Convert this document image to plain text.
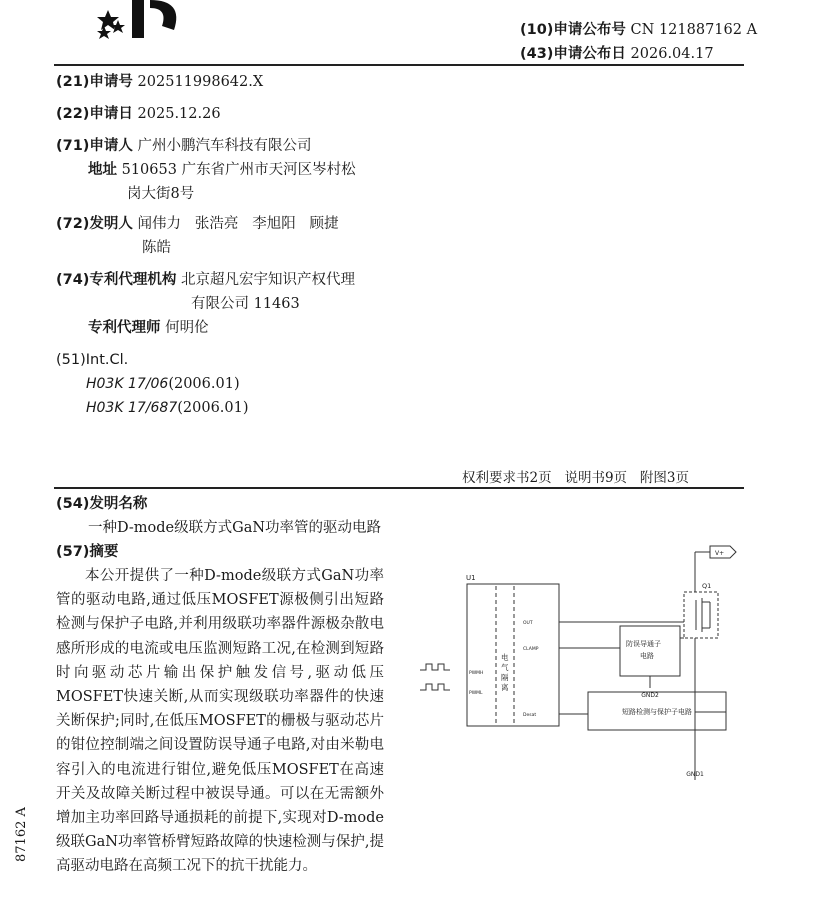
(10)申请公布号 CN 121887162 A
(43)申请公布日 2026.04.17
(21)申请号 202511998642.X
(22)申请日 2025.12.26
(71)申请人 广州小鹏汽车科技有限公司
地址 510653 广东省广州市天河区岑村松
岗大街8号
(72)发明人 闻伟力   张浩亮   李旭阳   顾捷
陈皓
(74)专利代理机构 北京超凡宏宇知识产权代理
有限公司 11463
专利代理师 何明伦
(51)Int.Cl.
H03K 17/06(2006.01)
H03K 17/687(2006.01)
权利要求书2页   说明书9页   附图3页
(54)发明名称
一种D-mode级联方式GaN功率管的驱动电路
(57)摘要
本公开提供了一种D-mode级联方式GaN功率管的驱动电路,通过低压MOSFET源极侧引出短路检测与保护子电路,并利用级联功率器件源极杂散电感所形成的电流或电压监测短路工况,在检测到短路时向驱动芯片输出保护触发信号,驱动低压MOSFET快速关断,从而实现级联功率器件的快速关断保护;同时,在低压MOSFET的栅极与驱动芯片的钳位控制端之间设置防误导通子电路,对由米勒电容引入的电流进行钳位,避免低压MOSFET在高速开关及故障关断过程中被误导通。可以在无需额外增加主功率回路导通损耗的前提下,实现对D-mode级联GaN功率管桥臂短路故障的快速检测与保护,提高驱动电路在高频工况下的抗干扰能力。
87162 A
U1
电 气 隔 离
PWMH
PWML
OUT
CLAMP
Desat
V+
Q1
防误导通子
电路
GND2
短路检测与保护子电路
GND1
